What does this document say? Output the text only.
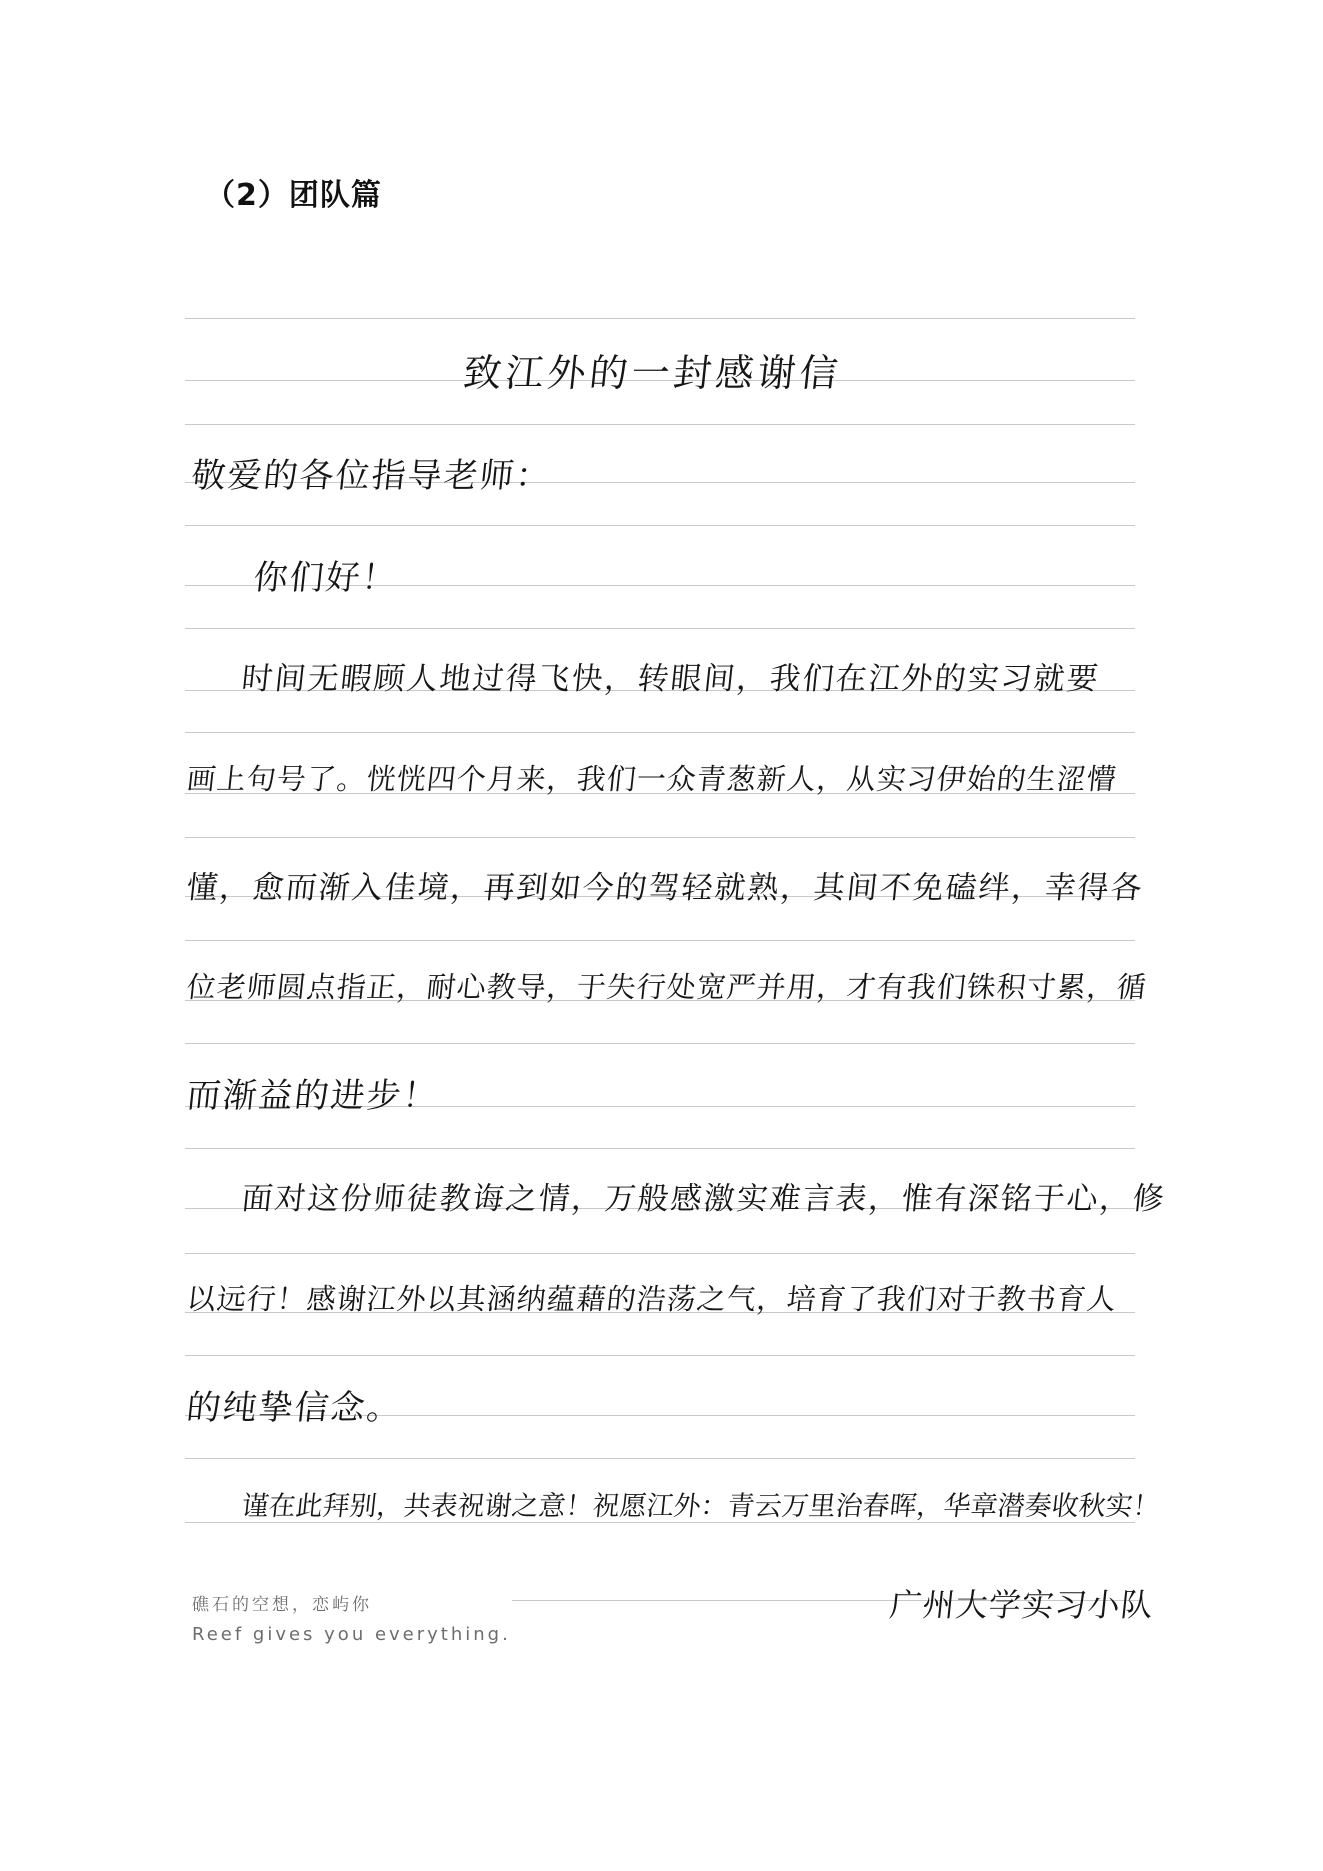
（2）团队篇
致江外的一封感谢信
敬爱的各位指导老师：
你们好！
时间无暇顾人地过得飞快，转眼间，我们在江外的实习就要
画上句号了。恍恍四个月来，我们一众青葱新人，从实习伊始的生涩懵
懂，愈而渐入佳境，再到如今的驾轻就熟，其间不免磕绊，幸得各
位老师圆点指正，耐心教导，于失行处宽严并用，才有我们铢积寸累，循
而渐益的进步！
面对这份师徒教诲之情，万般感激实难言表，惟有深铭于心，修
以远行！感谢江外以其涵纳蕴藉的浩荡之气，培育了我们对于教书育人
的纯挚信念。
谨在此拜别，共表祝谢之意！祝愿江外：青云万里治春晖，华章潜奏收秋实！
广州大学实习小队
礁石的空想，恋屿你
Reef gives you everything.
